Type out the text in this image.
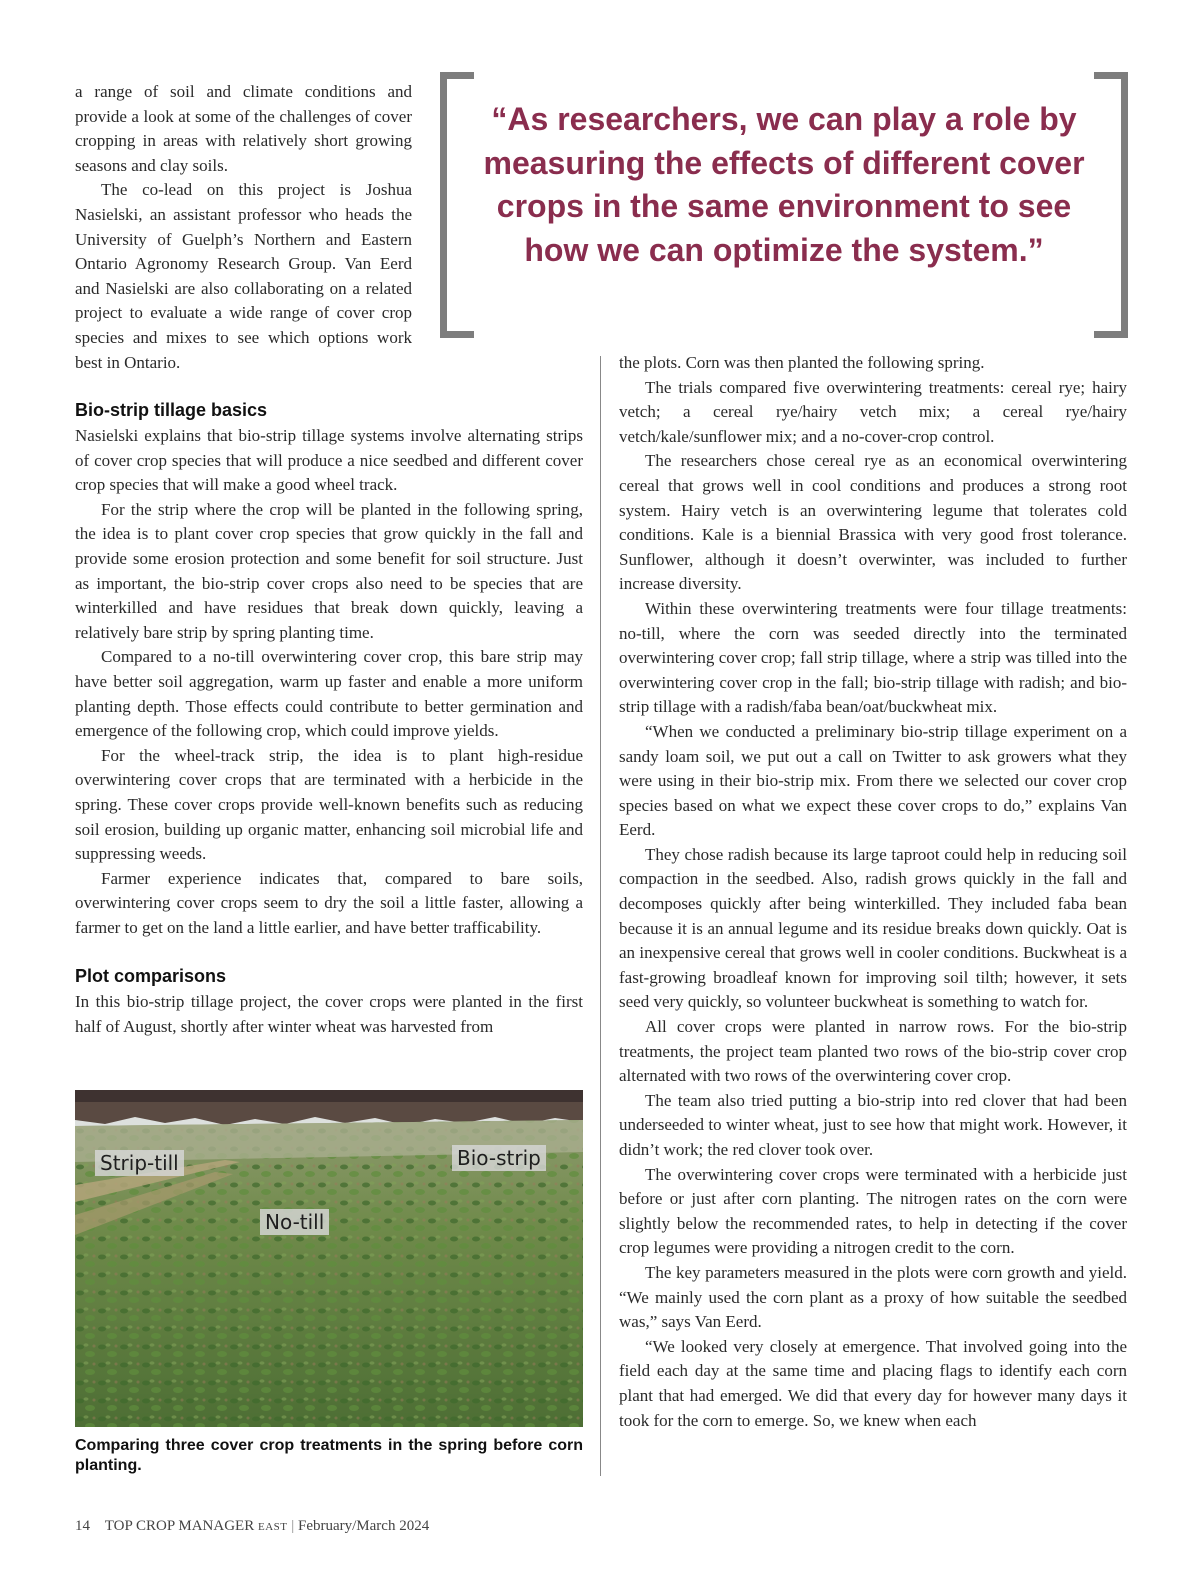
a range of soil and climate conditions and provide a look at some of the challenges of cover cropping in areas with relatively short growing seasons and clay soils.

The co-lead on this project is Joshua Nasielski, an assistant professor who heads the University of Guelph’s Northern and Eastern Ontario Agronomy Research Group. Van Eerd and Nasielski are also collaborating on a related project to evaluate a wide range of cover crop species and mixes to see which options work best in Ontario.

“As researchers, we can play a role by measuring the effects of different cover crops in the same environment to see how we can optimize the system.”

Bio-strip tillage basics

Nasielski explains that bio-strip tillage systems involve alternating strips of cover crop species that will produce a nice seedbed and different cover crop species that will make a good wheel track.

For the strip where the crop will be planted in the following spring, the idea is to plant cover crop species that grow quickly in the fall and provide some erosion protection and some benefit for soil structure. Just as important, the bio-strip cover crops also need to be species that are winterkilled and have residues that break down quickly, leaving a relatively bare strip by spring planting time.

Compared to a no-till overwintering cover crop, this bare strip may have better soil aggregation, warm up faster and enable a more uniform planting depth. Those effects could contribute to better germination and emergence of the following crop, which could improve yields.

For the wheel-track strip, the idea is to plant high-residue overwintering cover crops that are terminated with a herbicide in the spring. These cover crops provide well-known benefits such as reducing soil erosion, building up organic matter, enhancing soil microbial life and suppressing weeds.

Farmer experience indicates that, compared to bare soils, overwintering cover crops seem to dry the soil a little faster, allowing a farmer to get on the land a little earlier, and have better trafficability.

Plot comparisons

In this bio-strip tillage project, the cover crops were planted in the first half of August, shortly after winter wheat was harvested from

Strip-till	Bio-strip
No-till

Comparing three cover crop treatments in the spring before corn planting.

the plots. Corn was then planted the following spring.

The trials compared five overwintering treatments: cereal rye; hairy vetch; a cereal rye/hairy vetch mix; a cereal rye/hairy vetch/kale/sunflower mix; and a no-cover-crop control.

The researchers chose cereal rye as an economical overwintering cereal that grows well in cool conditions and produces a strong root system. Hairy vetch is an overwintering legume that tolerates cold conditions. Kale is a biennial Brassica with very good frost tolerance. Sunflower, although it doesn’t overwinter, was included to further increase diversity.

Within these overwintering treatments were four tillage treatments: no-till, where the corn was seeded directly into the terminated overwintering cover crop; fall strip tillage, where a strip was tilled into the overwintering cover crop in the fall; bio-strip tillage with radish; and bio-strip tillage with a radish/faba bean/oat/buckwheat mix.

“When we conducted a preliminary bio-strip tillage experiment on a sandy loam soil, we put out a call on Twitter to ask growers what they were using in their bio-strip mix. From there we selected our cover crop species based on what we expect these cover crops to do,” explains Van Eerd.

They chose radish because its large taproot could help in reducing soil compaction in the seedbed. Also, radish grows quickly in the fall and decomposes quickly after being winterkilled. They included faba bean because it is an annual legume and its residue breaks down quickly. Oat is an inexpensive cereal that grows well in cooler conditions. Buckwheat is a fast-growing broadleaf known for improving soil tilth; however, it sets seed very quickly, so volunteer buckwheat is something to watch for.

All cover crops were planted in narrow rows. For the bio-strip treatments, the project team planted two rows of the bio-strip cover crop alternated with two rows of the overwintering cover crop.

The team also tried putting a bio-strip into red clover that had been underseeded to winter wheat, just to see how that might work. However, it didn’t work; the red clover took over.

The overwintering cover crops were terminated with a herbicide just before or just after corn planting. The nitrogen rates on the corn were slightly below the recommended rates, to help in detecting if the cover crop legumes were providing a nitrogen credit to the corn.

The key parameters measured in the plots were corn growth and yield. “We mainly used the corn plant as a proxy of how suitable the seedbed was,” says Van Eerd.

“We looked very closely at emergence. That involved going into the field each day at the same time and placing flags to identify each corn plant that had emerged. We did that every day for however many days it took for the corn to emerge. So, we knew when each

14 TOP CROP MANAGER EAST | February/March 2024
